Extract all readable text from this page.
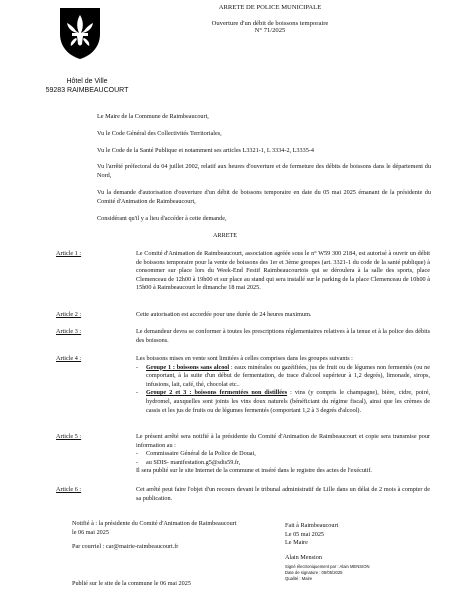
Hôtel de Ville
59283 RAIMBEAUCOURT
ARRETE DE POLICE MUNICIPALE
Ouverture d'un débit de boissons temporaire
N° 71/2025
Le Maire de la Commune de Raimbeaucourt,
Vu le Code Général des Collectivités Territoriales,
Vu le Code de la Santé Publique et notamment ses articles L3321-1, L 3334-2, L3335-4
Vu l'arrêté préfectoral du 04 juillet 2002, relatif aux heures d'ouverture et de fermeture des débits de boissons dans le département du Nord,
Vu la demande d'autorisation d'ouverture d'un débit de boissons temporaire en date du 05 mai 2025 émanant de la présidente du Comité d'Animation de Raimbeaucourt,
Considérant qu'il y a lieu d'accéder à cette demande,
ARRETE
Article 1 :	Le Comité d'Animation de Raimbeaucourt, association agréée sous le n° W59 300 2184, est autorisé à ouvrir un débit de boissons temporaire pour la vente de boissons des 1er et 3ème groupes (art. 3321-1 du code de la santé publique) à consommer sur place lors du Week-End Festif Raimbeaucourtois qui se déroulera à la salle des sports, place Clemenceau de 12h00 à 19h00 et sur place au stand qui sera installé sur le parking de la place Clemenceau de 10h00 à 15h00 à Raimbeaucourt le dimanche 18 mai 2025.
Article 2 :	Cette autorisation est accordée pour une durée de 24 heures maximum.
Article 3 :	Le demandeur devra se conformer à toutes les prescriptions réglementaires relatives à la tenue et à la police des débits des boissons.
Article 4 :	Les boissons mises en vente sont limitées à celles comprises dans les groupes suivants :
- Groupe 1 : boissons sans alcool : eaux minérales ou gazéifiées, jus de fruit ou de légumes non fermentés (ou ne comportant, à la suite d'un début de fermentation, de trace d'alcool supérieur à 1,2 degrés), limonade, sirops, infusions, lait, café, thé, chocolat etc..
- Groupe 2 et 3 : boissons fermentées non distillées : vins (y compris le champagne), bière, cidre, poiré, hydromel, auxquelles sont joints les vins doux naturels (bénéficiant du régime fiscal), ainsi que les crèmes de cassis et les jus de fruits ou de légumes fermentés (comportant 1,2 à 3 degrés d'alcool).
Article 5 :	Le présent arrêté sera notifié à la présidente du Comité d'Animation de Raimbeaucourt et copie sera transmise pour information au :
- Commissaire Général de la Police de Douai,
- au SDIS- manifestation.g5@sdis59.fr,
Il sera publié sur le site Internet de la commune et inséré dans le registre des actes de l'exécutif.
Article 6 :	Cet arrêté peut faire l'objet d'un recours devant le tribunal administratif de Lille dans un délai de 2 mois à compter de sa publication.
Notifié à : la présidente du Comité d'Animation de Raimbeaucourt
le 06 mai 2025
Par courriel : car@mairie-raimbeaucourt.fr
Fait à Raimbeaucourt
Le 05 mai 2025
Le Maire
Alain Mension
Signé électroniquement par : Alain MENSION
Date de signature : 05/05/2025
Qualité : Maire
Publié sur le site de la commune le 06 mai 2025
